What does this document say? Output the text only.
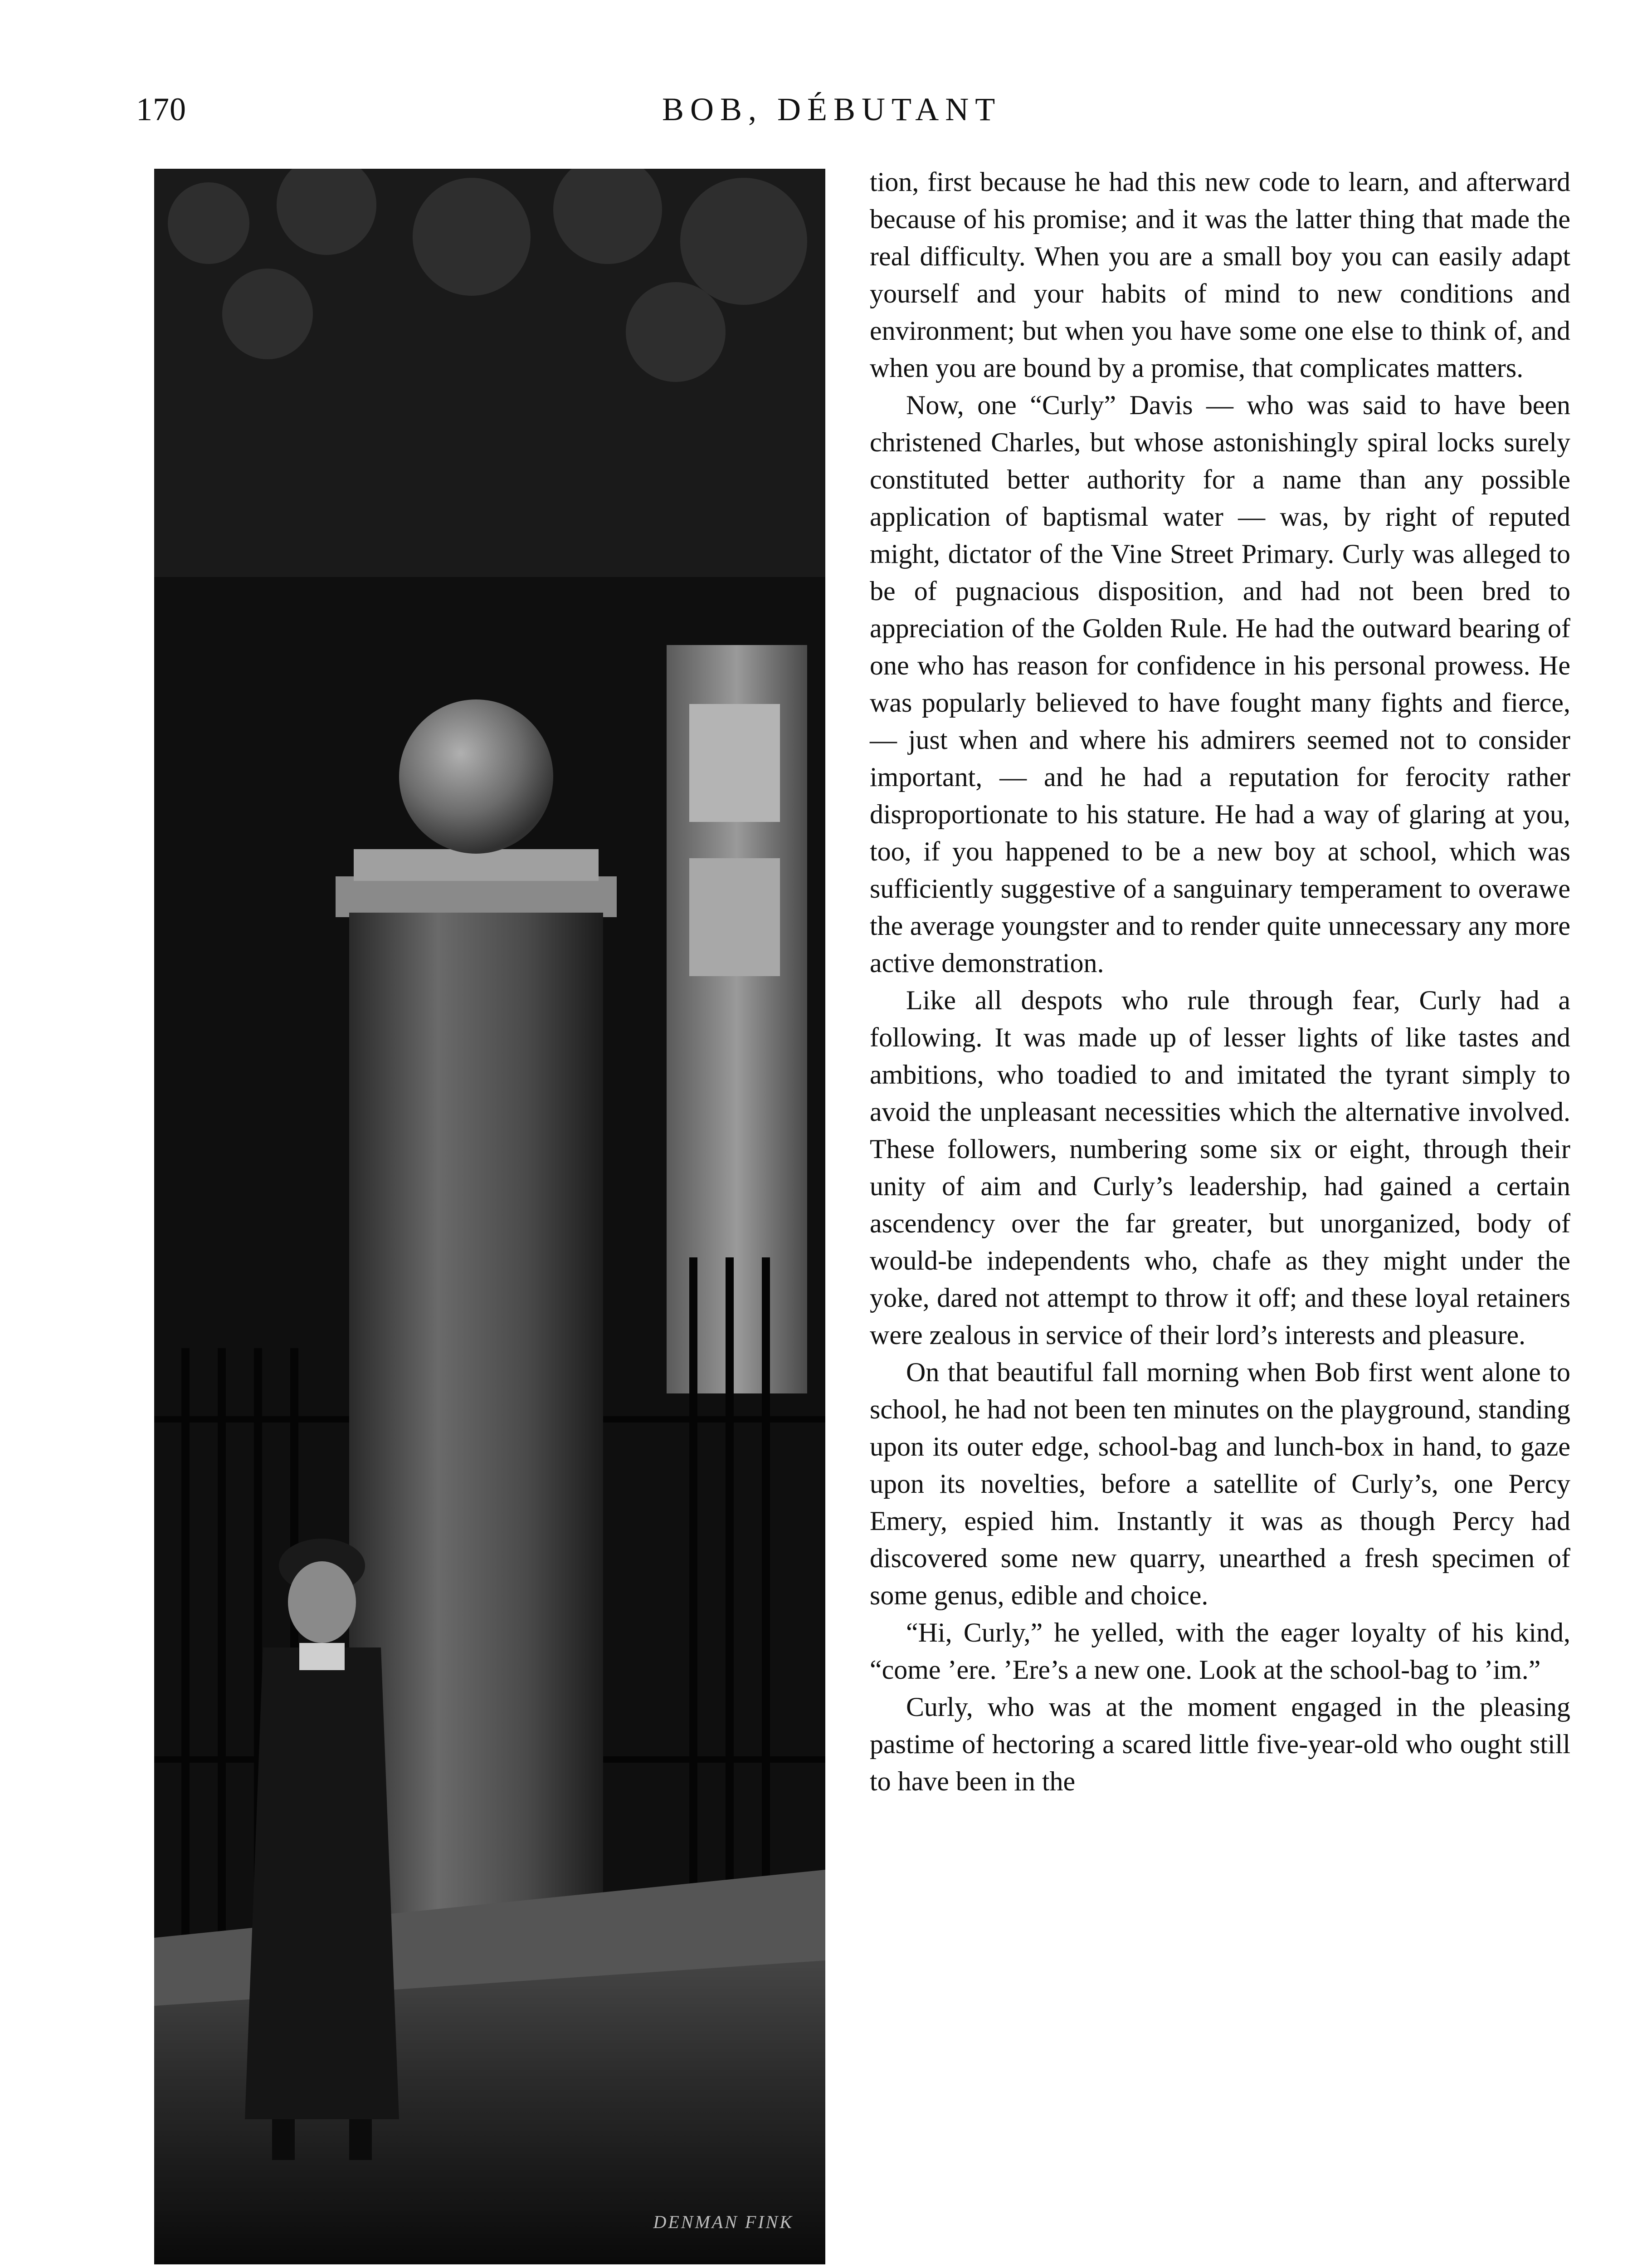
170	BOB, DÉBUTANT
DENMAN FINK

tion, first because he had this new code to learn, and afterward because of his promise; and it was the latter thing that made the real difficulty. When you are a small boy you can easily adapt yourself and your habits of mind to new conditions and environment; but when you have some one else to think of, and when you are bound by a promise, that complicates matters.

Now, one “Curly” Davis — who was said to have been christened Charles, but whose astonishingly spiral locks surely constituted better authority for a name than any possible application of baptismal water — was, by right of reputed might, dictator of the Vine Street Primary. Curly was alleged to be of pugnacious disposition, and had not been bred to appreciation of the Golden Rule. He had the outward bearing of one who has reason for confidence in his personal prowess. He was popularly believed to have fought many fights and fierce, — just when and where his admirers seemed not to consider important, — and he had a reputation for ferocity rather disproportionate to his stature. He had a way of glaring at you, too, if you happened to be a new boy at school, which was sufficiently suggestive of a sanguinary temperament to overawe the average youngster and to render quite unnecessary any more active demonstration.

Like all despots who rule through fear, Curly had a following. It was made up of lesser lights of like tastes and ambitions, who toadied to and imitated the tyrant simply to avoid the unpleasant necessities which the alternative involved. These followers, numbering some six or eight, through their unity of aim and Curly’s leadership, had gained a certain ascendency over the far greater, but unorganized, body of would-be independents who, chafe as they might under the yoke, dared not attempt to throw it off; and these loyal retainers were zealous in service of their lord’s interests and pleasure.

On that beautiful fall morning when Bob first went alone to school, he had not been ten minutes on the playground, standing upon its outer edge, school-bag and lunch-box in hand, to gaze upon its novelties, before a satellite of Curly’s, one Percy Emery, espied him. Instantly it was as though Percy had discovered some new quarry, unearthed a fresh specimen of some genus, edible and choice.

“Hi, Curly,” he yelled, with the eager loyalty of his kind, “come ’ere. ’Ere’s a new one. Look at the school-bag to ’im.”

Curly, who was at the moment engaged in the pleasing pastime of hectoring a scared little five-year-old who ought still to have been in the
